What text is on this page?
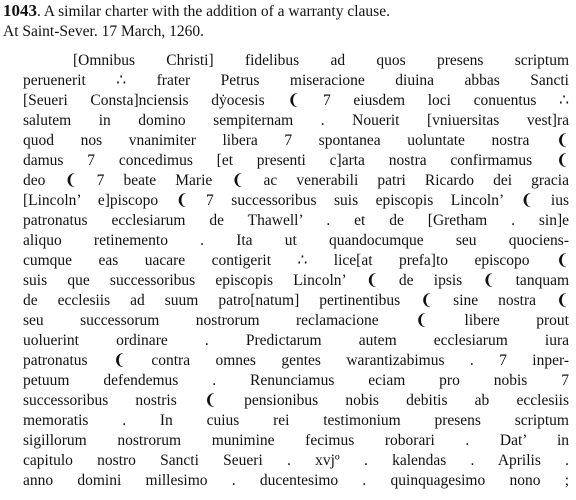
1043. A similar charter with the addition of a warranty clause.
At Saint-Sever. 17 March, 1260.
[Omnibus Christi] fidelibus ad quos presens scriptum
peruenerit ∴ frater Petrus miseracione diuina abbas Sancti
[Seueri Consta]nciensis dẏocesis ❨ 7 eiusdem loci conuentus ∴
salutem in domino sempiternam . Nouerit [vniuersitas vest]ra
quod nos vnanimiter libera 7 spontanea uoluntate nostra ❨
damus 7 concedimus [et presenti c]arta nostra confirmamus ❨
deo ❨ 7 beate Marie ❨ ac venerabili patri Ricardo dei gracia
[Lincoln’ e]piscopo ❨ 7 successoribus suis episcopis Lincoln’ ❨ ius
patronatus ecclesiarum de Thawell’ . et de [Gretham . sin]e
aliquo retinemento . Ita ut quandocumque seu quociens-
cumque eas uacare contigerit ∴ lice[at prefa]to episcopo ❨
suis que successoribus episcopis Lincoln’ ❨ de ipsis ❨ tanquam
de ecclesiis ad suum patro[natum] pertinentibus ❨ sine nostra ❨
seu successorum nostrorum reclamacione ❨ libere prout
uoluerint ordinare . Predictarum autem ecclesiarum iura
patronatus ❨ contra omnes gentes warantizabimus . 7 inper-
petuum defendemus . Renunciamus eciam pro nobis 7
successoribus nostris ❨ pensionibus nobis debitis ab ecclesiis
memoratis . In cuius rei testimonium presens scriptum
sigillorum nostrorum munimine fecimus roborari . Dat’ in
capitulo nostro Sancti Seueri . xvjº . kalendas . Aprilis .
anno domini millesimo . ducentesimo . quinquagesimo nono ;
